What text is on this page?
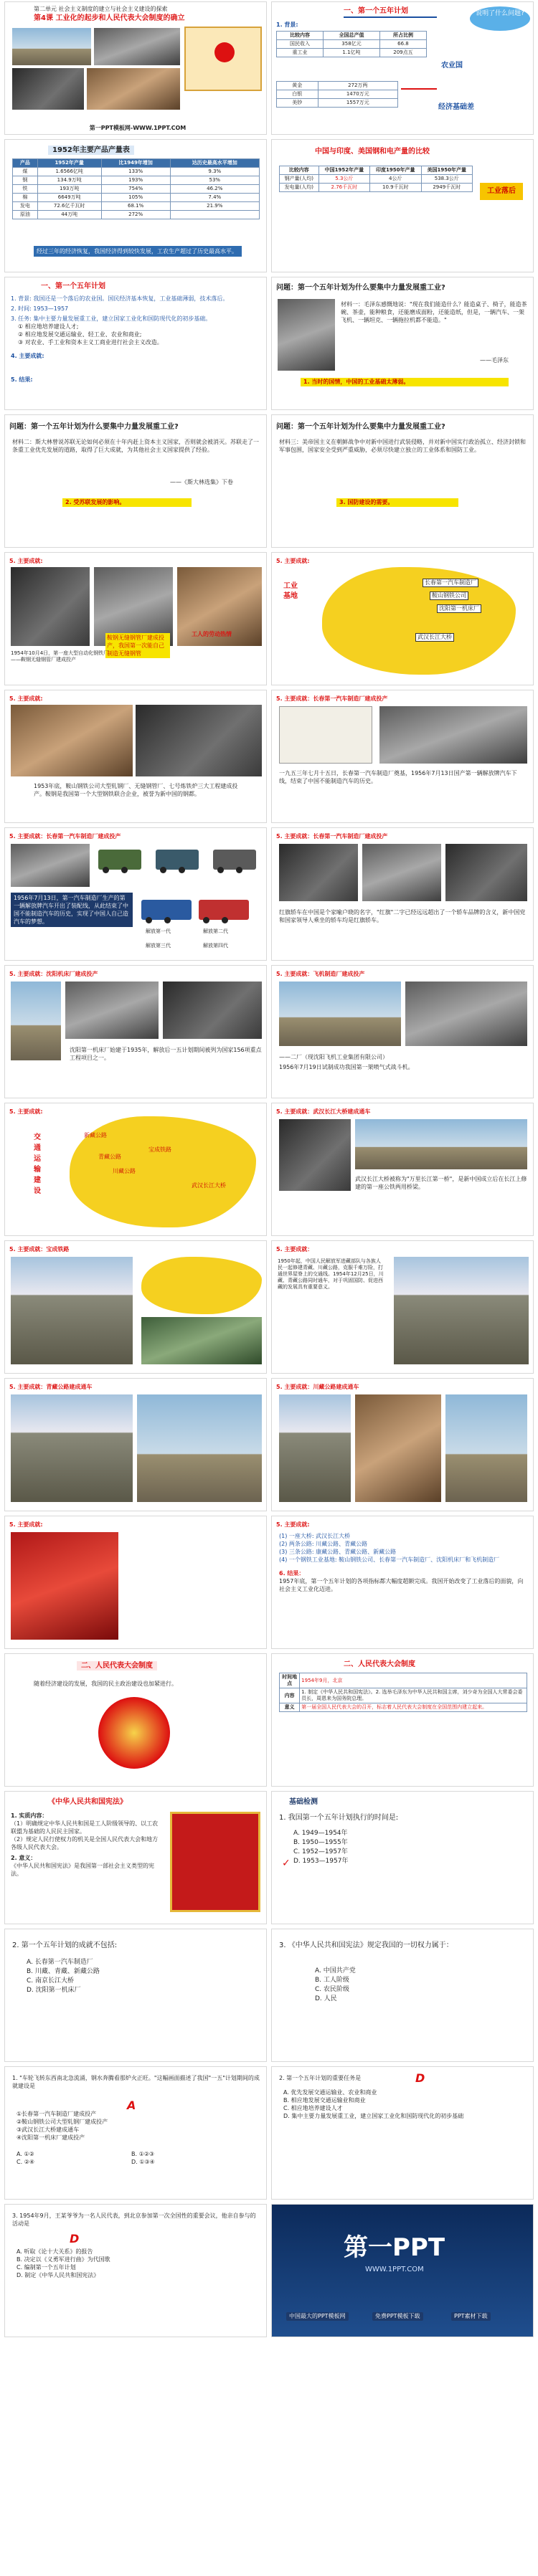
第二单元 社会主义制度的建立与社会主义建设的探索
第4课 工业化的起步和人民代表大会制度的确立
第一PPT模板网-WWW.1PPT.COM
一、第一个五年计划
1. 背景:
说明了什么问题?
比较内容	全国总产值	所占比例
国民收入	358亿元	66.8
重工业	1.1亿吨	209点五
黄金	272万两
白银	1470万元
美钞	1557万元
农业国
经济基础差
1952年主要产品产量表
产品	1952年产量	比1949年增加	达历史最高水平增加
煤	1.6566亿吨	133%	9.3%
钢	134.9万吨	193%	53%
铁	193万吨	754%	46.2%
棉	6649万吨	105%	7.4%
发电	72.6亿千瓦时	68.1%	21.9%
原油	44万吨	272%	
经过三年的经济恢复，我国经济得到较快发展，工农生产超过了历史最高水平。
中国与印度、美国钢和电产量的比较
比较内容	中国1952年产量	印度1950年产量	美国1950年产量
钢产量(人均)	5.3公斤	4公斤	538.3公斤
发电量(人均)	2.76千瓦时	10.9千瓦时	2949千瓦时	工业落后
一、第一个五年计划
1. 背景: 我国还是一个落后的农业国。国民经济基本恢复，工业基础薄弱，技术落后。
2. 时间: 1953—1957
3. 任务: 集中主要力量发展重工业，建立国家工业化和国防现代化的初步基础。
① 相应地培养建设人才;
② 相应地发展交通运输业、轻工业、农业和商业;
③ 对农业、手工业和资本主义工商业进行社会主义改造。
4. 主要成就:
5. 结果:
问题：第一个五年计划为什么要集中力量发展重工业?
材料一：毛泽东感慨地说："现在我们能造什么？能造桌子、椅子，能造茶碗、茶壶，能种粮食，还能磨成面粉，还能造纸，但是，一辆汽车、一架飞机、一辆坦克、一辆拖拉机都不能造。"
——毛泽东
1. 当时的国情，中国的工业基础太薄弱。
问题：第一个五年计划为什么要集中力量发展重工业?
材料二：斯大林曾说苏联无论如何必须在十年内赶上资本主义国家，否则就会被消灭。苏联走了一条重工业优先发展的道路，取得了巨大成就，为其他社会主义国家提供了经验。
——《斯大林选集》下卷
2. 受苏联发展的影响。
问题：第一个五年计划为什么要集中力量发展重工业?
材料三：美帝国主义在朝鲜战争中对新中国进行武装侵略，并对新中国实行政治孤立、经济封锁和军事包围，国家安全受到严重威胁，必须尽快建立独立的工业体系和国防工业。
3. 国防建设的需要。
5. 主要成就:
鞍钢无缝钢管厂建成投产，我国第一次能自己制造无缝钢管
工人的劳动热情
1954年10月4日，第一座大型自动化钢铁厂——鞍钢无缝钢管厂建成投产
5. 主要成就:
工业基地
长春第一汽车制造厂
鞍山钢铁公司
沈阳第一机床厂
武汉长江大桥
5. 主要成就:
1953年底，鞍山钢铁公司大型轧钢厂、无缝钢管厂、七号炼铁炉三大工程建成投产。鞍钢是我国第一个大型钢铁联合企业，被誉为新中国的钢都。
5. 主要成就：长春第一汽车制造厂建成投产
一九五三年七月十五日，长春第一汽车制造厂奠基，1956年7月13日国产第一辆解放牌汽车下线，结束了中国不能制造汽车的历史。
5. 主要成就：长春第一汽车制造厂建成投产
1956年7月13日，第一汽车制造厂生产的第一辆解放牌汽车开出了装配线，从此结束了中国不能制造汽车的历史，实现了中国人自己造汽车的梦想。
解放第一代	解放第二代
解放第三代	解放第四代
5. 主要成就：长春第一汽车制造厂建成投产
红旗轿车在中国是个家喻户晓的名字，"红旗"二字已经远远超出了一个轿车品牌的含义，新中国党和国家领导人乘坐的轿车均是红旗轿车。
5. 主要成就：沈阳机床厂建成投产
沈阳第一机床厂始建于1935年，解放后一五计划期间被列为国家156项重点工程项目之一。
5. 主要成就：飞机制造厂建成投产
——二厂（现沈阳飞机工业集团有限公司）
1956年7月19日试制成功我国第一架喷气式战斗机。
5. 主要成就:
交通运输建设
宝成铁路
川藏公路
青藏公路
新藏公路
武汉长江大桥
5. 主要成就：武汉长江大桥建成通车
武汉长江大桥被称为"万里长江第一桥"，是新中国成立后在长江上修建的第一座公铁两用桥梁。
5. 主要成就：宝成铁路	5. 主要成就：
1950年起，中国人民解放军进藏部队与各族人民一起修建青藏、川藏公路，克服千难万险，打通世界屋脊上的交通线。1954年12月25日，川藏、青藏公路同时通车，对于巩固国防、促进西藏的发展具有重要意义。
5. 主要成就：青藏公路建成通车	5. 主要成就：川藏公路建成通车
5. 主要成就:	5. 主要成就:
(1) 一座大桥: 武汉长江大桥
(2) 两条公路: 川藏公路、青藏公路
(3) 三条公路: 康藏公路、青藏公路、新藏公路
(4) 一个钢铁工业基地: 鞍山钢铁公司、长春第一汽车制造厂、沈阳机床厂和飞机制造厂
6. 结果：
1957年底，第一个五年计划的各项指标都大幅度超额完成。我国开始改变了工业落后的面貌，向社会主义工业化迈进。
二、人民代表大会制度
随着经济建设的发展，我国的民主政治建设也加紧进行。
二、人民代表大会制度
时间地点	1954年9月，北京
内容	1. 制定《中华人民共和国宪法》。2. 选举毛泽东为中华人民共和国主席，刘少奇为全国人大常委会委员长，周恩来为国务院总理。
意义	第一届全国人民代表大会的召开，标志着人民代表大会制度在全国范围内建立起来。
《中华人民共和国宪法》
1. 实质内容：
（1）明确规定中华人民共和国是工人阶级领导的、以工农联盟为基础的人民民主国家。
（2）规定人民行使权力的机关是全国人民代表大会和地方各级人民代表大会。
2. 意义：
《中华人民共和国宪法》是我国第一部社会主义类型的宪法。
基础检测
1. 我国第一个五年计划执行的时间是:
A. 1949—1954年
B. 1950—1955年
C. 1952—1957年
D. 1953—1957年
✓
2. 第一个五年计划的成就不包括:
A. 长春第一汽车制造厂
B. 川藏、青藏、新藏公路
C. 南京长江大桥
D. 沈阳第一机床厂
3. 《中华人民共和国宪法》规定我国的一切权力属于：
A. 中国共产党
B. 工人阶级
C. 农民阶级
D. 人民
1. "车轮飞转东西南北急流涌，钢水奔腾看那炉火正旺。"这幅画面描述了我国"一五"计划期间的成就建设是
A
①长春第一汽车制造厂建成投产
②鞍山钢铁公司大型轧钢厂建成投产
③武汉长江大桥建成通车
④沈阳第一机床厂建成投产
A. ①②	B. ①②③
C. ②④	D. ①③④
2. 第一个五年计划的重要任务是	D
A. 优先发展交通运输业、农业和商业
B. 相应地发展交通运输业和商业
C. 相应地培养建设人才
D. 集中主要力量发展重工业，建立国家工业化和国防现代化的初步基础
3. 1954年9月，王某爷爷为一名人民代表，到北京参加第一次全国性的重要会议，他亲自参与的活动是
D
A. 听取《论十大关系》的报告
B. 决定以《义勇军进行曲》为代国歌
C. 编制第一个五年计划
D. 制定《中华人民共和国宪法》
第一PPT
WWW.1PPT.COM
中国最大的PPT模板网	免费PPT模板下载	PPT素材下载
